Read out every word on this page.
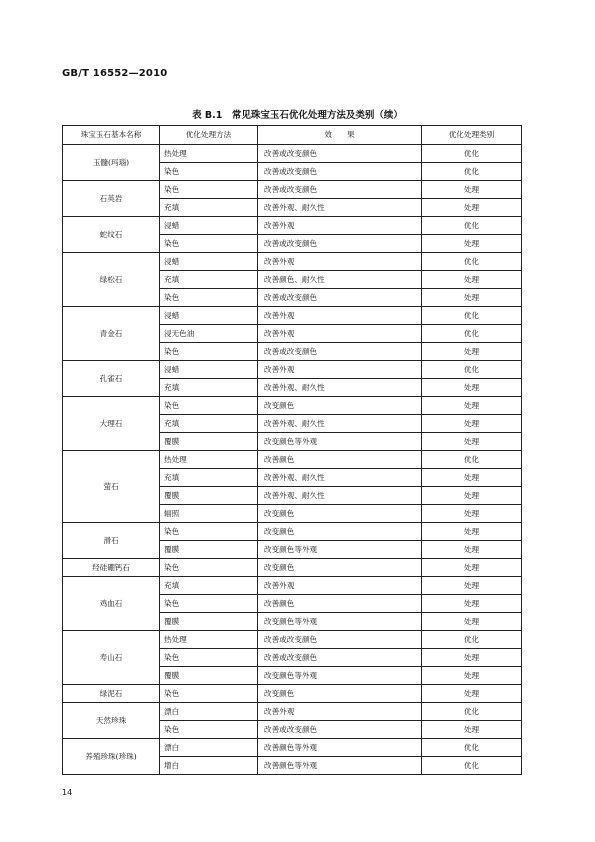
GB/T 16552—2010
表 B.1　常见珠宝玉石优化处理方法及类别（续）
珠宝玉石基本名称	优化处理方法	效　　果	优化处理类别
玉髓(玛瑙)	热处理	改善或改变颜色	优化
	染色	改善或改变颜色	优化
石英岩	染色	改善或改变颜色	处理
	充填	改善外观、耐久性	处理
蛇纹石	浸蜡	改善外观	优化
	染色	改善或改变颜色	处理
绿松石	浸蜡	改善外观	优化
	充填	改善颜色、耐久性	处理
	染色	改善或改变颜色	处理
青金石	浸蜡	改善外观	优化
	浸无色油	改善外观	优化
	染色	改善或改变颜色	处理
孔雀石	浸蜡	改善外观	优化
	充填	改善外观、耐久性	处理
大理石	染色	改变颜色	处理
	充填	改善外观、耐久性	处理
	覆膜	改变颜色等外观	处理
萤石	热处理	改善颜色	优化
	充填	改善外观、耐久性	处理
	覆膜	改善外观、耐久性	处理
	辐照	改变颜色	处理
滑石	染色	改变颜色	处理
	覆膜	改变颜色等外观	处理
羟硅硼钙石	染色	改变颜色	处理
鸡血石	充填	改善外观	处理
	染色	改善颜色	处理
	覆膜	改变颜色等外观	处理
寿山石	热处理	改善或改变颜色	优化
	染色	改善或改变颜色	处理
	覆膜	改变颜色等外观	处理
绿泥石	染色	改变颜色	处理
天然珍珠	漂白	改善外观	优化
	染色	改善或改变颜色	处理
养殖珍珠(珍珠)	漂白	改善颜色等外观	优化
	增白	改善颜色等外观	优化
14
